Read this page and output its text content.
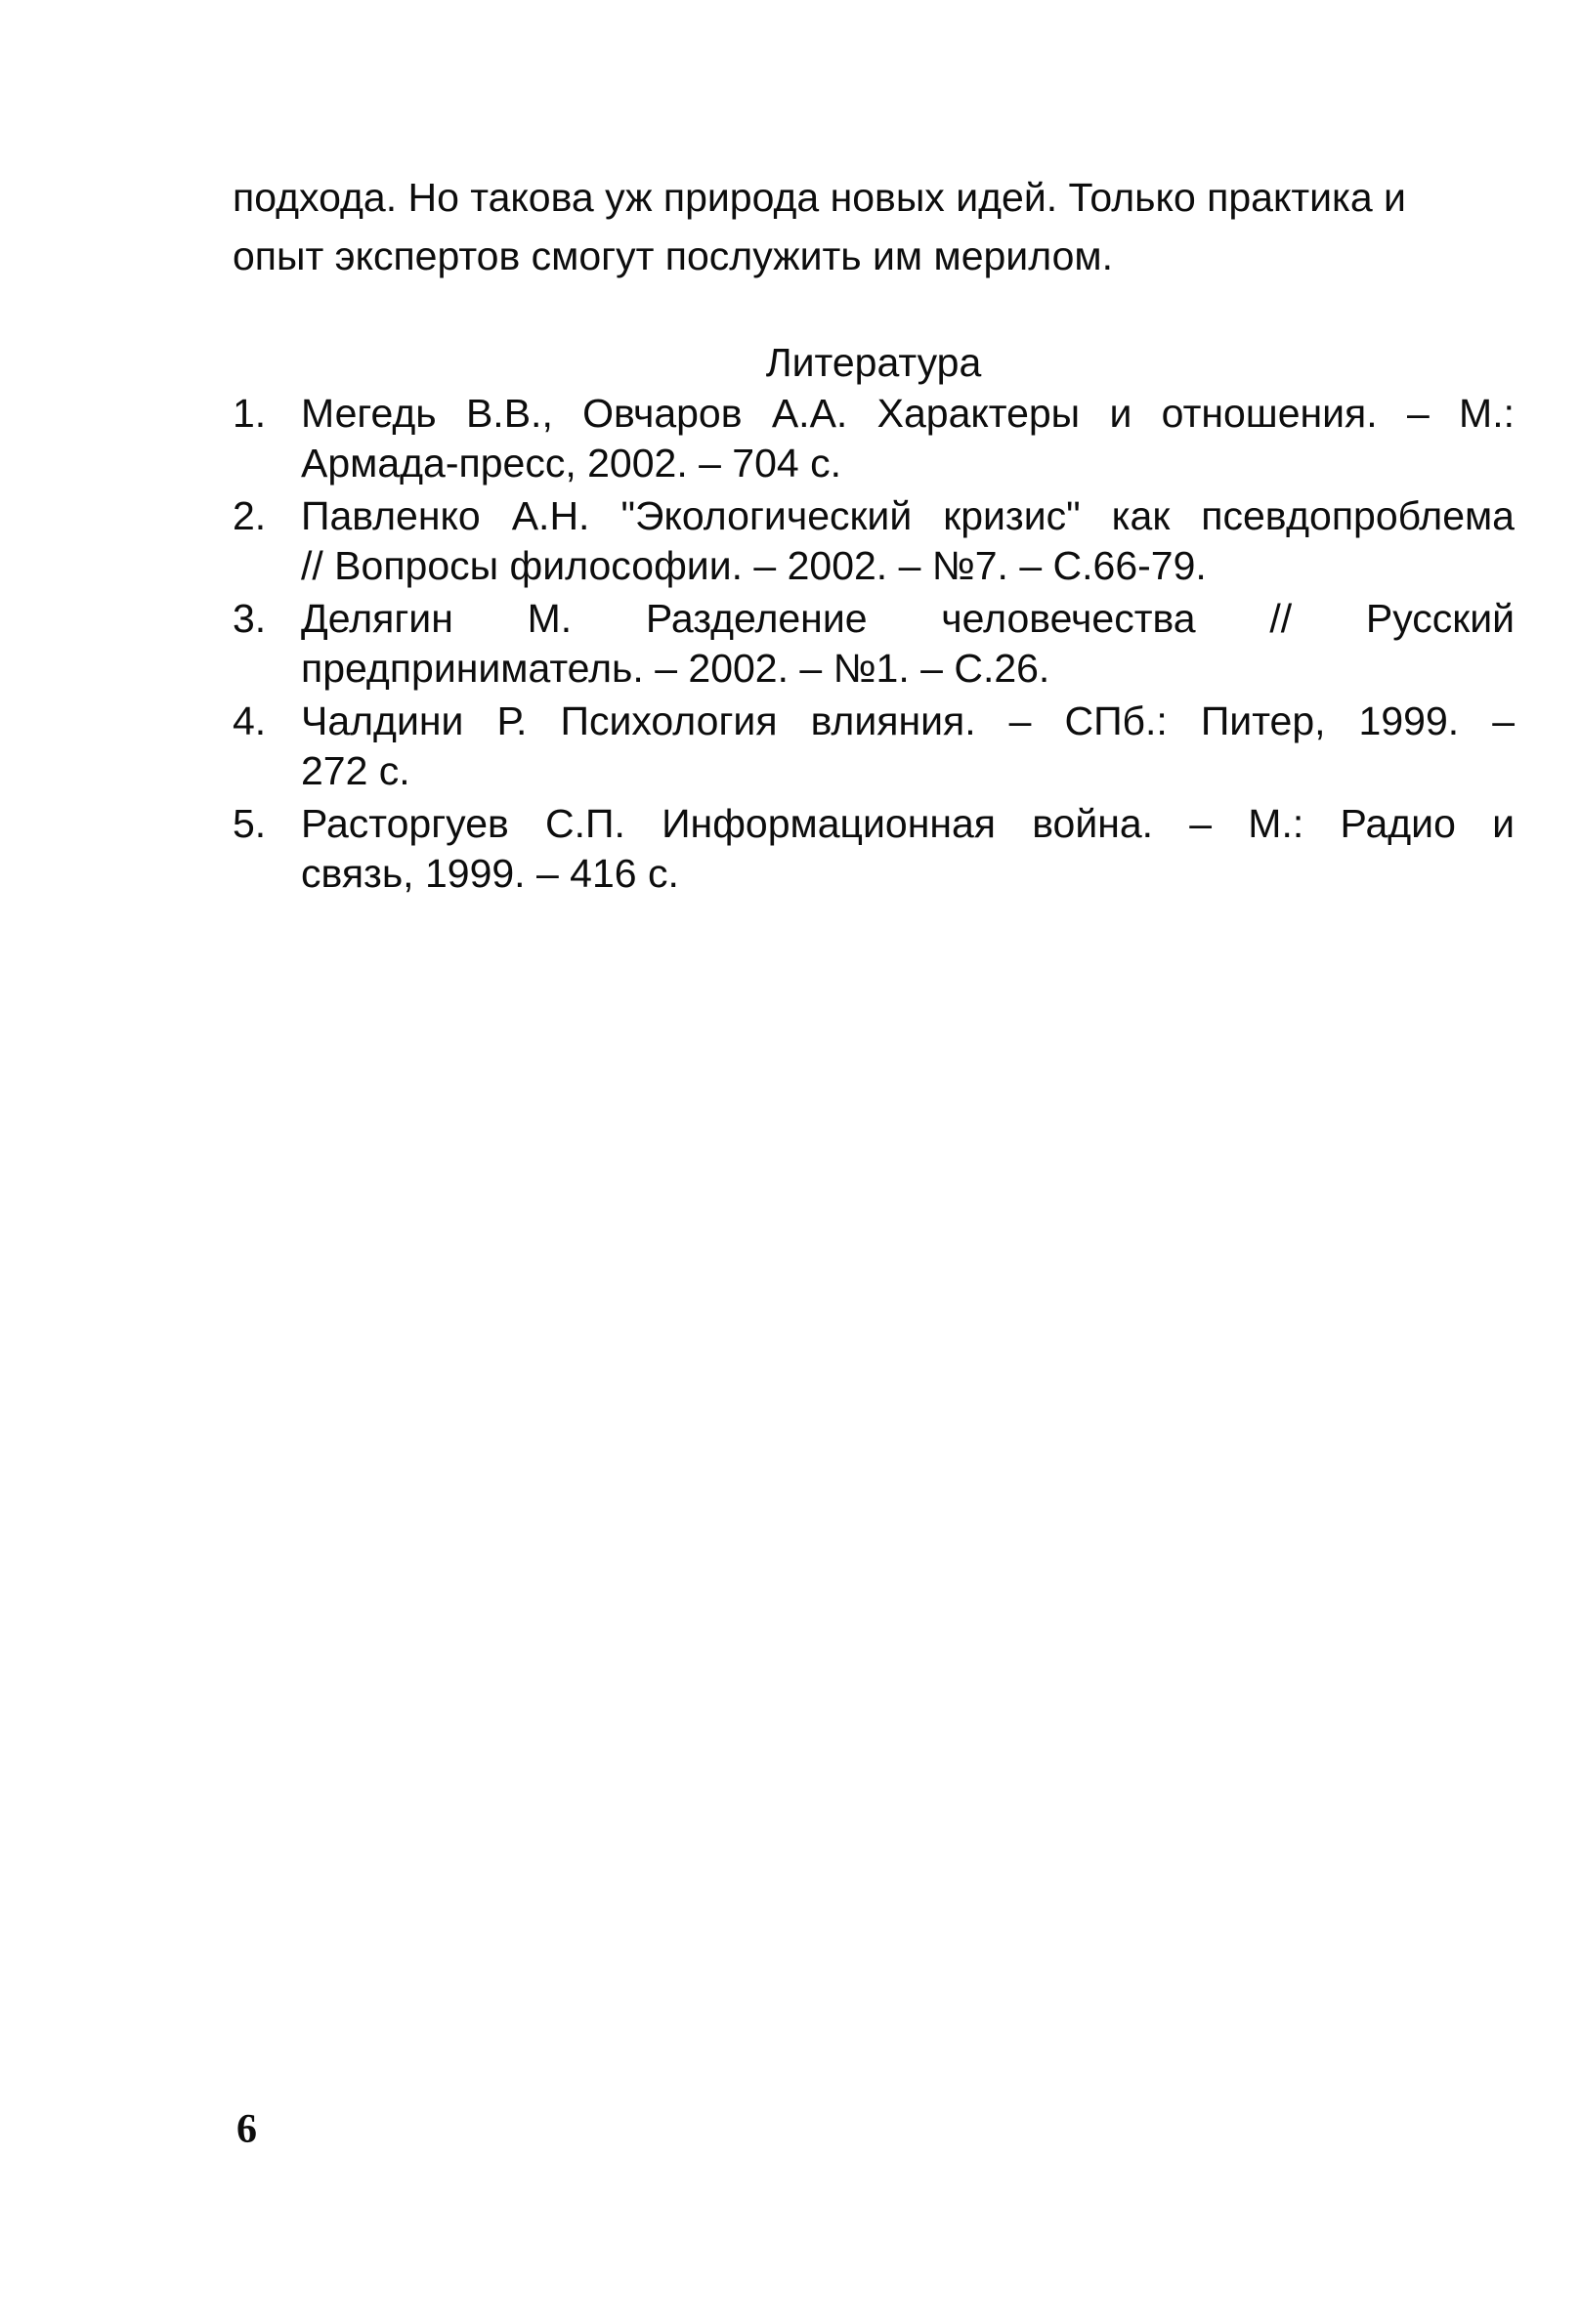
подхода. Но такова уж природа новых идей. Только практика и
опыт экспертов смогут послужить им мерилом.
Литература
1. Мегедь В.В., Овчаров А.А. Характеры и отношения. – М.:
Армада-пресс, 2002. – 704 с.
2. Павленко А.Н. "Экологический кризис" как псевдопроблема
// Вопросы философии. – 2002. – №7. – С.66-79.
3. Делягин М. Разделение человечества // Русский
предприниматель. – 2002. – №1. – С.26.
4. Чалдини Р. Психология влияния. – СПб.: Питер, 1999. –
272 с.
5. Расторгуев С.П. Информационная война. – М.: Радио и
связь, 1999. – 416 с.
6
